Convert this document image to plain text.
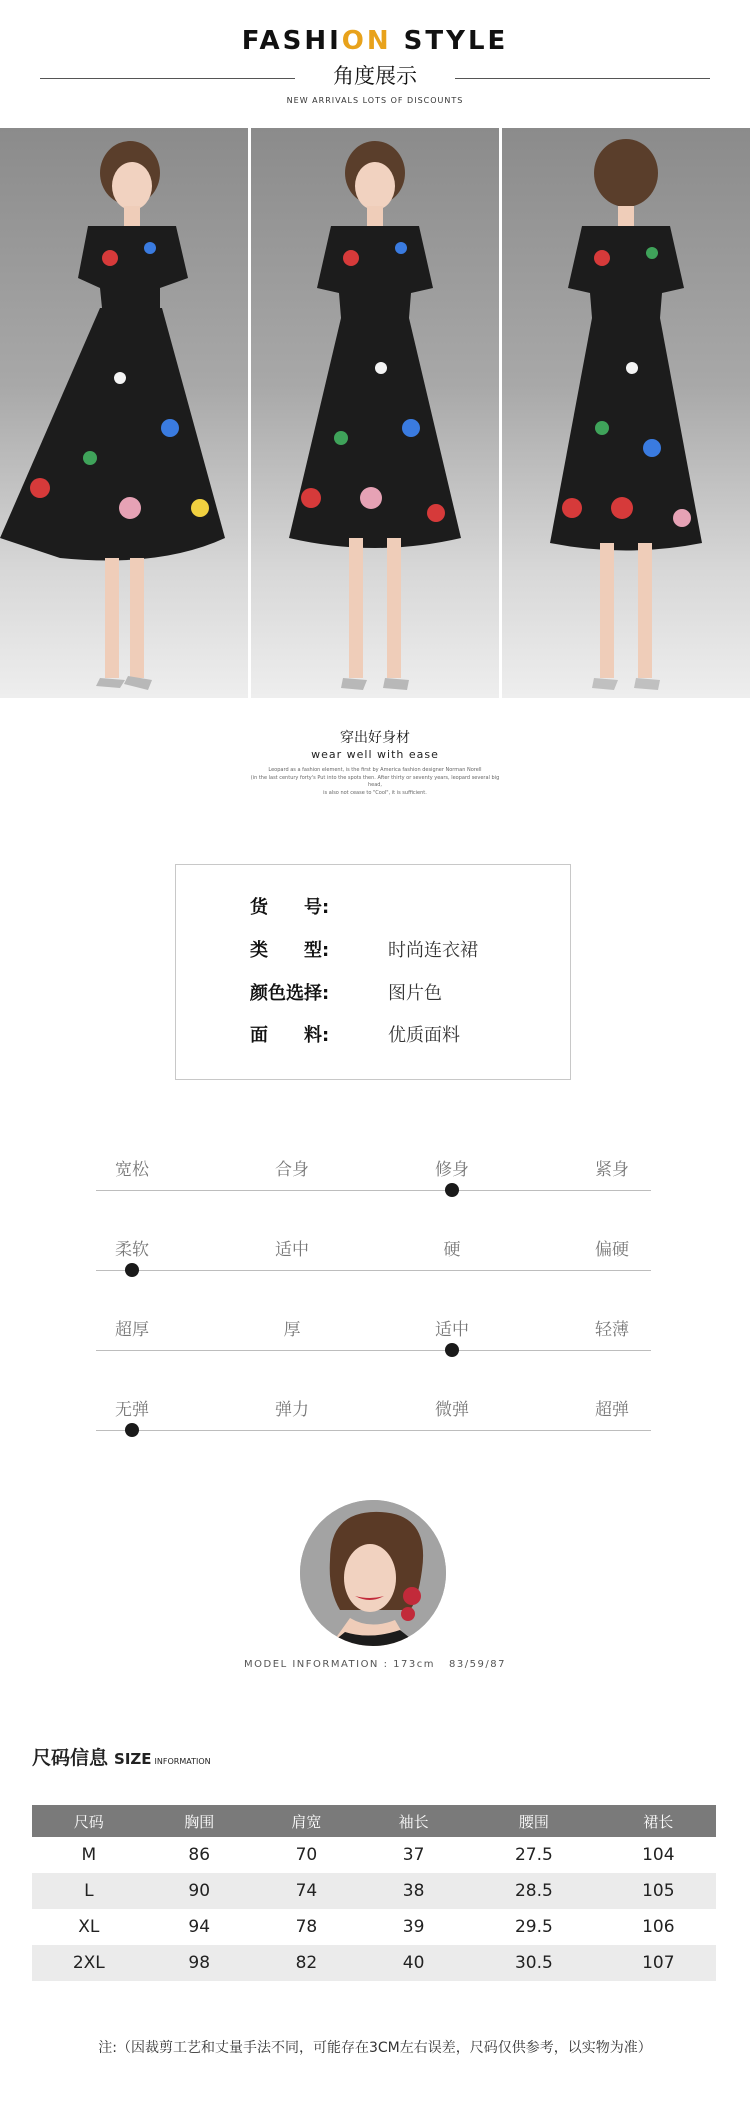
FASHION STYLE
角度展示
NEW ARRIVALS LOTS OF DISCOUNTS
穿出好身材
wear well with ease
Leopard as a fashion element, is the first by America fashion designer Norman Norell
(in the last century forty's Put into the spots then. After thirty or seventy years, leopard several big head,
is also not cease to "Cool", it is sufficient.
货　　号:
类　　型:	时尚连衣裙
颜色选择:	图片色
面　　料:	优质面料
宽松	合身	修身	紧身
柔软	适中	硬	偏硬
超厚	厚	适中	轻薄
无弹	弹力	微弹	超弹
MODEL INFORMATION : 173cm 83/59/87
尺码信息 SIZE INFORMATION
尺码	胸围	肩宽	袖长	腰围	裙长
M	86	70	37	27.5	104
L	90	74	38	28.5	105
XL	94	78	39	29.5	106
2XL	98	82	40	30.5	107
注:（因裁剪工艺和丈量手法不同，可能存在3CM左右误差，尺码仅供参考，以实物为准）
